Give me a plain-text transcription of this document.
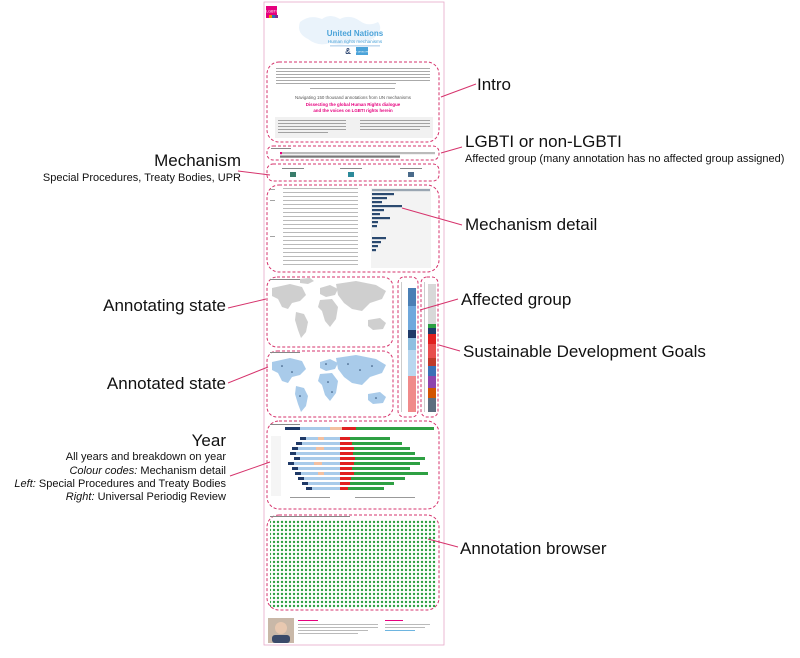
LGBTI
United Nations
Human rights mechanisms
&
SUSTAINABLE DEVELOPMENT GOALS
Navigating 150 thousand annotations from UN mechanisms
Dissecting the global Human Rights dialogue
and the voices on LGBTI rights herein
Intro
LGBTI or non-LGBTI
Affected group (many annotation has no affected group assigned)
Mechanism
Special Procedures, Treaty Bodies, UPR
Mechanism detail
Annotating state	Affected group
Sustainable Development Goals
Annotated state
Year
All years and breakdown on year
Colour codes: Mechanism detail
Left: Special Procedures and Treaty Bodies
Right: Universal Periodig Review
Annotation browser
